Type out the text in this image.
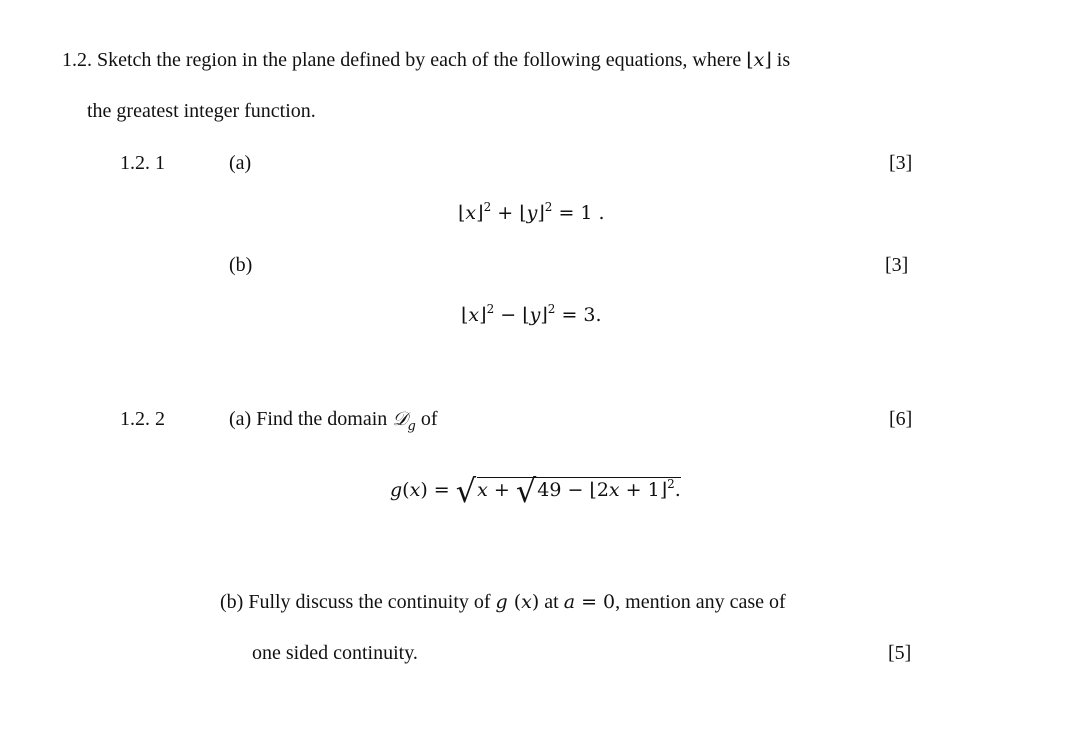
1.2. Sketch the region in the plane defined by each of the following equations, where ⌊𝑥⌋ is
the greatest integer function.
1.2. 1	(a)	[3]
⌊x⌋$^2$ + ⌊y⌋$^2$ = 1 .
(b)	[3]
⌊x⌋$^2$ − ⌊y⌋$^2$ = 3.
1.2. 2	(a) Find the domain 𝒟$_g$ of	[6]
g(x) = √x + √49 − ⌊2x + 1⌋$^2$.
(b) Fully discuss the continuity of 𝑔 (𝑥) at 𝑎 = 0, mention any case of
one sided continuity.	[5]
